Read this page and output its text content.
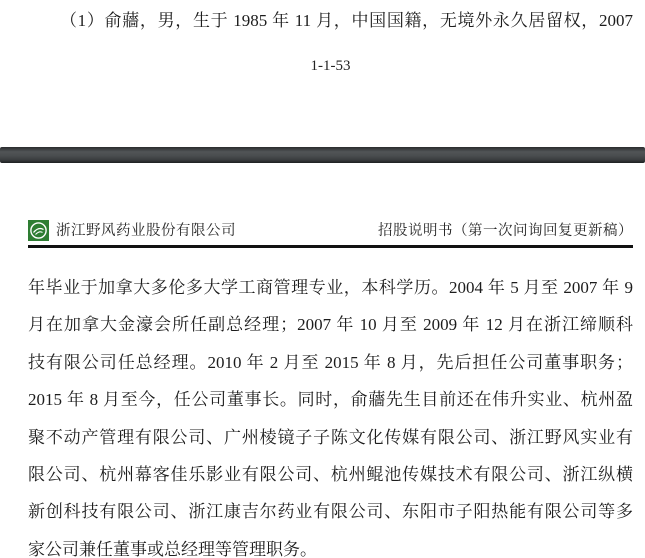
（1）俞蘠，男，生于 1985 年 11 月，中国国籍，无境外永久居留权，2007
1-1-53
浙江野风药业股份有限公司	招股说明书（第一次问询回复更新稿）
年毕业于加拿大多伦多大学工商管理专业，本科学历。2004 年 5 月至 2007 年 9
月在加拿大金濠会所任副总经理；2007 年 10 月至 2009 年 12 月在浙江缔顺科
技有限公司任总经理。2010 年 2 月至 2015 年 8 月，先后担任公司董事职务；
2015 年 8 月至今，任公司董事长。同时，俞蘠先生目前还在伟升实业、杭州盈
聚不动产管理有限公司、广州棱镜子子陈文化传媒有限公司、浙江野风实业有
限公司、杭州幕客佳乐影业有限公司、杭州鲲池传媒技术有限公司、浙江纵横
新创科技有限公司、浙江康吉尔药业有限公司、东阳市子阳热能有限公司等多
家公司兼任董事或总经理等管理职务。
